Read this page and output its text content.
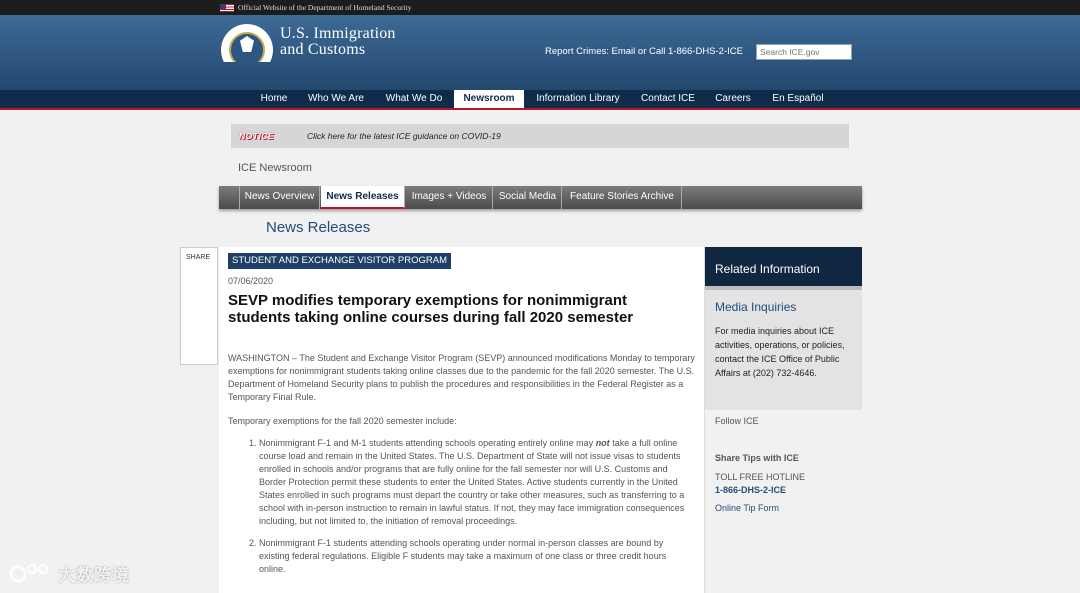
Official Website of the Department of Homeland Security
U.S. Immigration
and Customs	Report Crimes: Email or Call 1-866-DHS-2-ICE
Search ICE.gov
Home	Who We Are	What We Do	Newsroom	Information Library	Contact ICE	Careers	En Español
NOTICE	Click here for the latest ICE guidance on COVID-19
ICE Newsroom
News Overview	News Releases	Images + Videos	Social Media	Feature Stories Archive
News Releases
SHARE	STUDENT AND EXCHANGE VISITOR PROGRAM
07/06/2020
SEVP modifies temporary exemptions for nonimmigrant students taking online courses during fall 2020 semester
WASHINGTON – The Student and Exchange Visitor Program (SEVP) announced modifications Monday to temporary exemptions for nonimmigrant students taking online classes due to the pandemic for the fall 2020 semester. The U.S. Department of Homeland Security plans to publish the procedures and responsibilities in the Federal Register as a Temporary Final Rule.
Temporary exemptions for the fall 2020 semester include:
1. Nonimmigrant F-1 and M-1 students attending schools operating entirely online may not take a full online course load and remain in the United States. The U.S. Department of State will not issue visas to students enrolled in schools and/or programs that are fully online for the fall semester nor will U.S. Customs and Border Protection permit these students to enter the United States. Active students currently in the United States enrolled in such programs must depart the country or take other measures, such as transferring to a school with in-person instruction to remain in lawful status. If not, they may face immigration consequences including, but not limited to, the initiation of removal proceedings.
2. Nonimmigrant F-1 students attending schools operating under normal in-person classes are bound by existing federal regulations. Eligible F students may take a maximum of one class or three credit hours online.
Related Information
Media Inquiries
For media inquiries about ICE activities, operations, or policies, contact the ICE Office of Public Affairs at (202) 732-4646.
Follow ICE
Share Tips with ICE
TOLL FREE HOTLINE
1-866-DHS-2-ICE
Online Tip Form
大数跨境
